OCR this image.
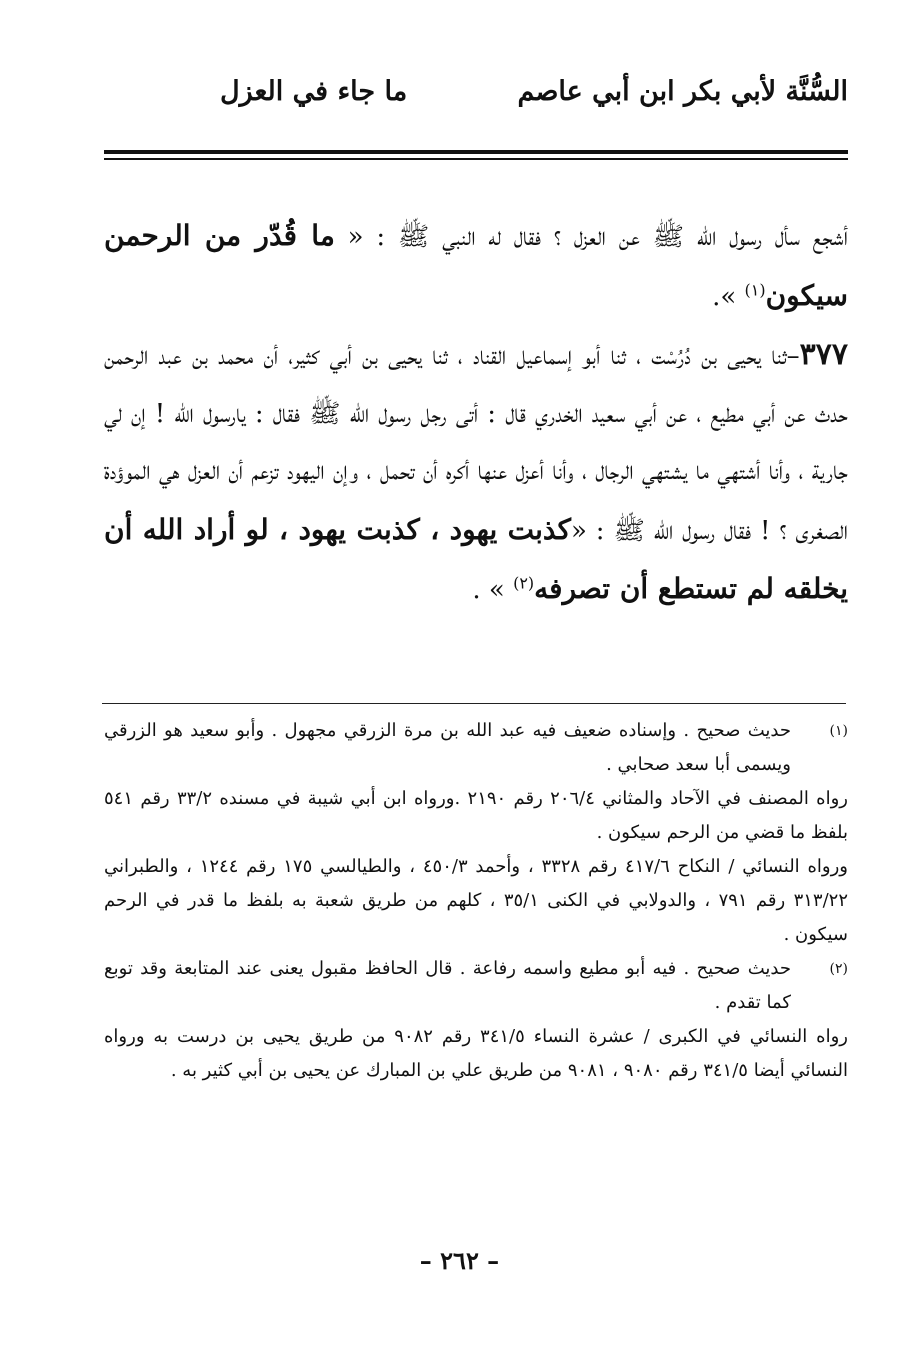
السُّنَّة لأبي بكر ابن أبي عاصم
ما جاء في العزل

أشجع سأل رسول الله ﷺ عن العزل ؟ فقال له النبي ﷺ : « ما قُدّر من الرحمن سيكون$^{(١)}$ ».

٣٧٧–ثنا يحيى بن دُرُسْت ، ثنا أبو إسماعيل القناد ، ثنا يحيى بن أبي كثير، أن محمد بن عبد الرحمن حدث عن أبي مطيع ، عن أبي سعيد الخدري قال : أتى رجل رسول الله ﷺ فقال : يارسول الله ! إن لي جارية ، وأنا أشتهي ما يشتهي الرجال ، وأنا أعزل عنها أكره أن تحمل ، وإن اليهود تزعم أن العزل هي الموؤدة الصغرى ؟ ! فقال رسول الله ﷺ : «كذبت يهود ، كذبت يهود ، لو أراد الله أن يخلقه لم تستطع أن تصرفه$^{(٢)}$ » .

(١)
حديث صحيح . وإسناده ضعيف فيه عبد الله بن مرة الزرقي مجهول . وأبو سعيد هو الزرقي ويسمى أبا سعد صحابي .

رواه المصنف في الآحاد والمثاني ٢٠٦/٤ رقم ٢١٩٠ .ورواه ابن أبي شيبة في مسنده ٣٣/٢ رقم ٥٤١ بلفظ ما قضي من الرحم سيكون .

ورواه النسائي / النكاح ٤١٧/٦ رقم ٣٣٢٨ ، وأحمد ٤٥٠/٣ ، والطيالسي ١٧٥ رقم ١٢٤٤ ، والطبراني ٣١٣/٢٢ رقم ٧٩١ ، والدولابي في الكنى ٣٥/١ ، كلهم من طريق شعبة به بلفظ ما قدر في الرحم سيكون .

(٢)
حديث صحيح . فيه أبو مطيع واسمه رفاعة . قال الحافظ مقبول يعنى عند المتابعة وقد توبع كما تقدم .

رواه النسائي في الكبرى / عشرة النساء ٣٤١/٥ رقم ٩٠٨٢ من طريق يحيى بن درست به ورواه النسائي أيضا ٣٤١/٥ رقم ٩٠٨٠ ، ٩٠٨١ من طريق علي بن المبارك عن يحيى بن أبي كثير به .

– ٢٦٢ –
